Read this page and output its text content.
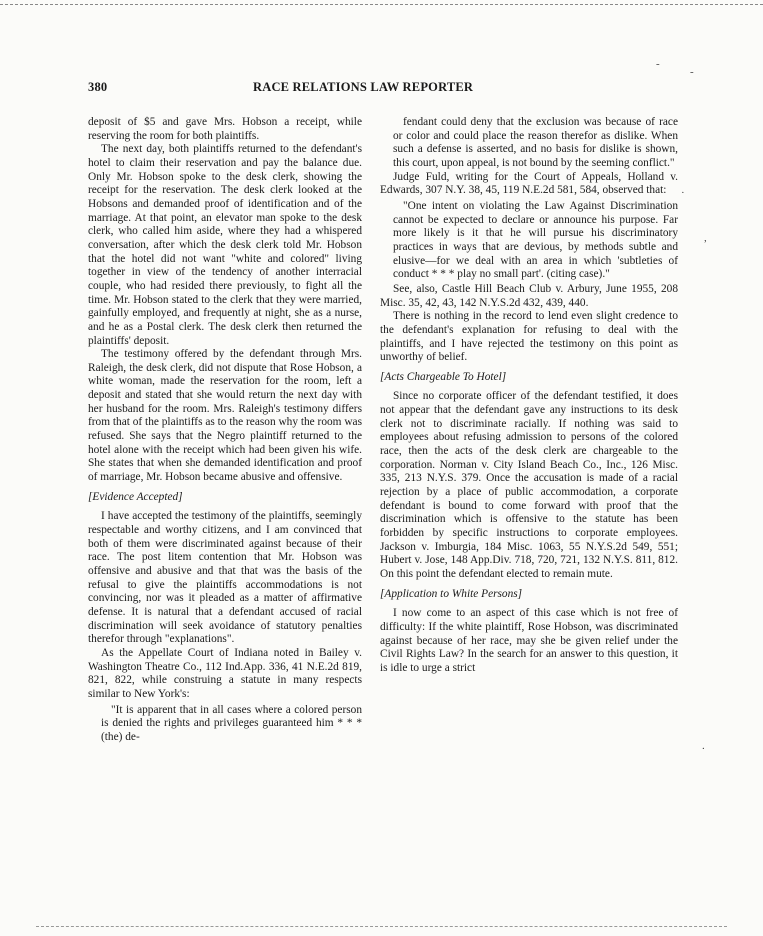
380	RACE RELATIONS LAW REPORTER

deposit of $5 and gave Mrs. Hobson a receipt, while reserving the room for both plaintiffs.

The next day, both plaintiffs returned to the defendant's hotel to claim their reservation and pay the balance due. Only Mr. Hobson spoke to the desk clerk, showing the receipt for the reservation. The desk clerk looked at the Hobsons and demanded proof of identification and of the marriage. At that point, an elevator man spoke to the desk clerk, who called him aside, where they had a whispered conversation, after which the desk clerk told Mr. Hobson that the hotel did not want "white and colored" living together in view of the tendency of another interracial couple, who had resided there previously, to fight all the time. Mr. Hobson stated to the clerk that they were married, gainfully employed, and frequently at night, she as a nurse, and he as a Postal clerk. The desk clerk then returned the plaintiffs' deposit.

The testimony offered by the defendant through Mrs. Raleigh, the desk clerk, did not dispute that Rose Hobson, a white woman, made the reservation for the room, left a deposit and stated that she would return the next day with her husband for the room. Mrs. Raleigh's testimony differs from that of the plaintiffs as to the reason why the room was refused. She says that the Negro plaintiff returned to the hotel alone with the receipt which had been given his wife. She states that when she demanded identification and proof of marriage, Mr. Hobson became abusive and offensive.

[Evidence Accepted]

I have accepted the testimony of the plaintiffs, seemingly respectable and worthy citizens, and I am convinced that both of them were discriminated against because of their race. The post litem contention that Mr. Hobson was offensive and abusive and that that was the basis of the refusal to give the plaintiffs accommodations is not convincing, nor was it pleaded as a matter of affirmative defense. It is natural that a defendant accused of racial discrimination will seek avoidance of statutory penalties therefor through "explanations".

As the Appellate Court of Indiana noted in Bailey v. Washington Theatre Co., 112 Ind.App. 336, 41 N.E.2d 819, 821, 822, while construing a statute in many respects similar to New York's:

"It is apparent that in all cases where a colored person is denied the rights and privileges guaranteed him * * * (the) de-

fendant could deny that the exclusion was because of race or color and could place the reason therefor as dislike. When such a defense is asserted, and no basis for dislike is shown, this court, upon appeal, is not bound by the seeming conflict."

Judge Fuld, writing for the Court of Appeals, Holland v. Edwards, 307 N.Y. 38, 45, 119 N.E.2d 581, 584, observed that:

"One intent on violating the Law Against Discrimination cannot be expected to declare or announce his purpose. Far more likely is it that he will pursue his discriminatory practices in ways that are devious, by methods subtle and elusive—for we deal with an area in which 'subtleties of conduct * * * play no small part'. (citing case)."

See, also, Castle Hill Beach Club v. Arbury, June 1955, 208 Misc. 35, 42, 43, 142 N.Y.S.2d 432, 439, 440.

There is nothing in the record to lend even slight credence to the defendant's explanation for refusing to deal with the plaintiffs, and I have rejected the testimony on this point as unworthy of belief.

[Acts Chargeable To Hotel]

Since no corporate officer of the defendant testified, it does not appear that the defendant gave any instructions to its desk clerk not to discriminate racially. If nothing was said to employees about refusing admission to persons of the colored race, then the acts of the desk clerk are chargeable to the corporation. Norman v. City Island Beach Co., Inc., 126 Misc. 335, 213 N.Y.S. 379. Once the accusation is made of a racial rejection by a place of public accommodation, a corporate defendant is bound to come forward with proof that the discrimination which is offensive to the statute has been forbidden by specific instructions to corporate employees. Jackson v. Imburgia, 184 Misc. 1063, 55 N.Y.S.2d 549, 551; Hubert v. Jose, 148 App.Div. 718, 720, 721, 132 N.Y.S. 811, 812. On this point the defendant elected to remain mute.

[Application to White Persons]

I now come to an aspect of this case which is not free of difficulty: If the white plaintiff, Rose Hobson, was discriminated against because of her race, may she be given relief under the Civil Rights Law? In the search for an answer to this question, it is idle to urge a strict

-
-
·
,
.
